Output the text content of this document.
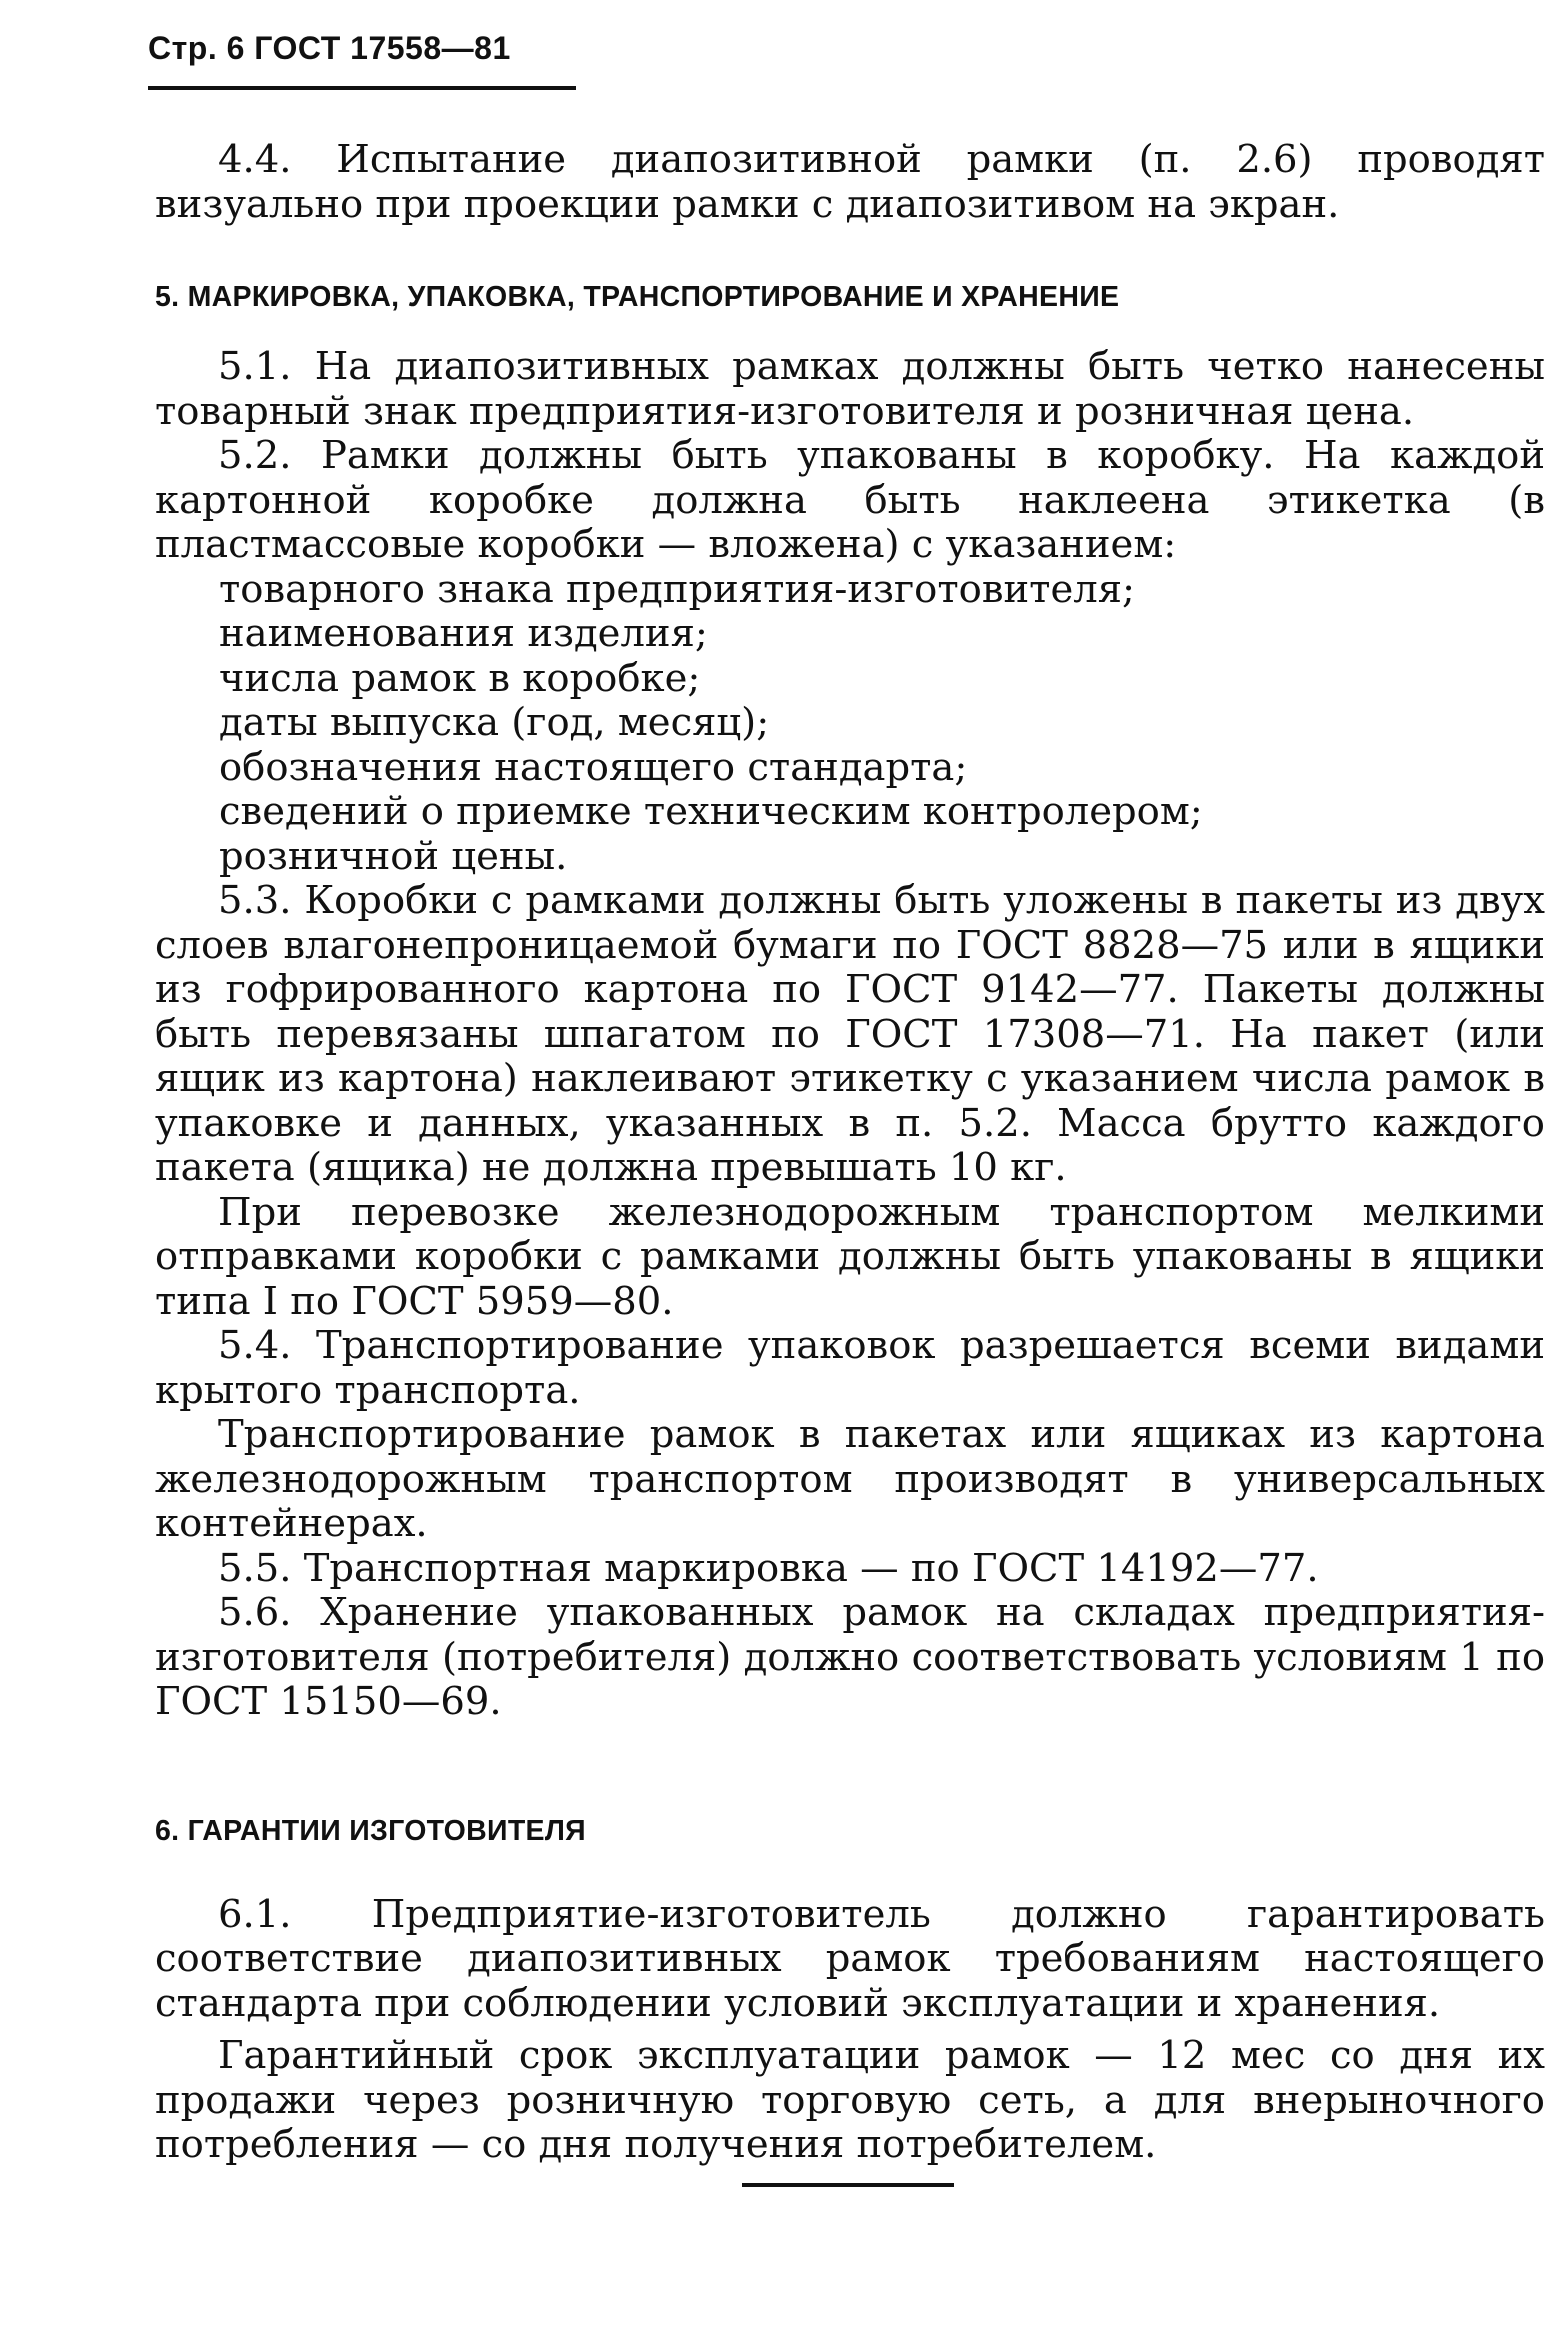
Стр. 6 ГОСТ 17558—81

4.4. Испытание диапозитивной рамки (п. 2.6) проводят визуально при проекции рамки с диапозитивом на экран.

5. МАРКИРОВКА, УПАКОВКА, ТРАНСПОРТИРОВАНИЕ И ХРАНЕНИЕ

5.1. На диапозитивных рамках должны быть четко нанесены товарный знак предприятия-изготовителя и розничная цена.

5.2. Рамки должны быть упакованы в коробку. На каждой картонной коробке должна быть наклеена этикетка (в пластмассовые коробки — вложена) с указанием:

товарного знака предприятия-изготовителя;

наименования изделия;

числа рамок в коробке;

даты выпуска (год, месяц);

обозначения настоящего стандарта;

сведений о приемке техническим контролером;

розничной цены.

5.3. Коробки с рамками должны быть уложены в пакеты из двух слоев влагонепроницаемой бумаги по ГОСТ 8828—75 или в ящики из гофрированного картона по ГОСТ 9142—77. Пакеты должны быть перевязаны шпагатом по ГОСТ 17308—71. На пакет (или ящик из картона) наклеивают этикетку с указанием числа рамок в упаковке и данных, указанных в п. 5.2. Масса брутто каждого пакета (ящика) не должна превышать 10 кг.

При перевозке железнодорожным транспортом мелкими отправками коробки с рамками должны быть упакованы в ящики типа I по ГОСТ 5959—80.

5.4. Транспортирование упаковок разрешается всеми видами крытого транспорта.

Транспортирование рамок в пакетах или ящиках из картона железнодорожным транспортом производят в универсальных контейнерах.

5.5. Транспортная маркировка — по ГОСТ 14192—77.

5.6. Хранение упакованных рамок на складах предприятия-изготовителя (потребителя) должно соответствовать условиям 1 по ГОСТ 15150—69.

6. ГАРАНТИИ ИЗГОТОВИТЕЛЯ

6.1. Предприятие-изготовитель должно гарантировать соответствие диапозитивных рамок требованиям настоящего стандарта при соблюдении условий эксплуатации и хранения.

Гарантийный срок эксплуатации рамок — 12 мес со дня их продажи через розничную торговую сеть, а для внерыночного потребления — со дня получения потребителем.
